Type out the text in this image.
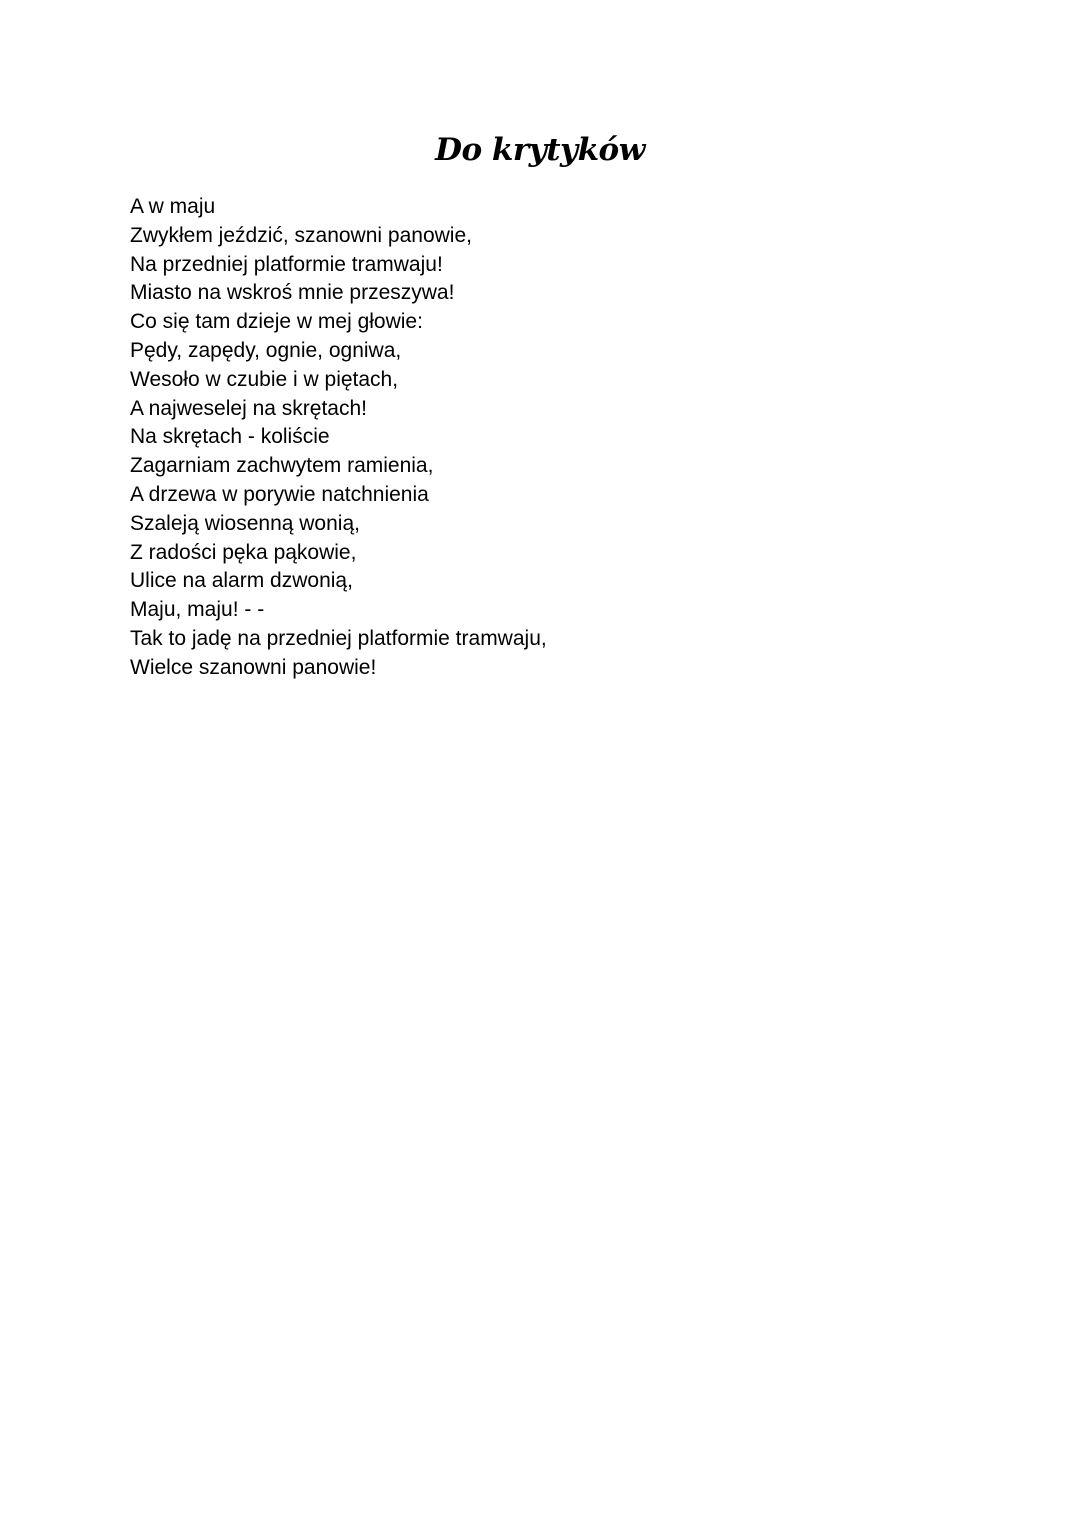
Do krytyków
A w maju
Zwykłem jeździć, szanowni panowie,
Na przedniej platformie tramwaju!
Miasto na wskroś mnie przeszywa!
Co się tam dzieje w mej głowie:
Pędy, zapędy, ognie, ogniwa,
Wesoło w czubie i w piętach,
A najweselej na skrętach!
Na skrętach - koliście
Zagarniam zachwytem ramienia,
A drzewa w porywie natchnienia
Szaleją wiosenną wonią,
Z radości pęka pąkowie,
Ulice na alarm dzwonią,
Maju, maju! - -
Tak to jadę na przedniej platformie tramwaju,
Wielce szanowni panowie!
